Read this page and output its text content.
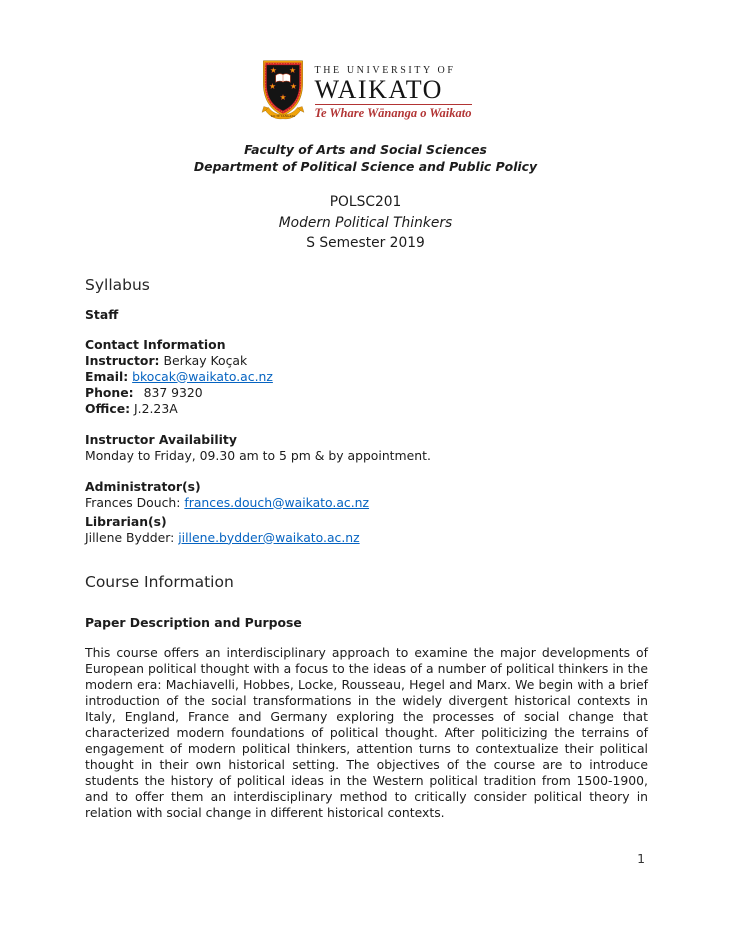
KO TE TANGATA
THE UNIVERSITY OF
WAIKATO
Te Whare Wānanga o Waikato
Faculty of Arts and Social Sciences
Department of Political Science and Public Policy
POLSC201
Modern Political Thinkers
S Semester 2019
Syllabus
Staff
Contact Information
Instructor: Berkay Koçak
Email: bkocak@waikato.ac.nz
Phone: 837 9320
Office: J.2.23A
Instructor Availability
Monday to Friday, 09.30 am to 5 pm & by appointment.
Administrator(s)
Frances Douch: frances.douch@waikato.ac.nz
Librarian(s)
Jillene Bydder: jillene.bydder@waikato.ac.nz
Course Information
Paper Description and Purpose
This course offers an interdisciplinary approach to examine the major developments of European political thought with a focus to the ideas of a number of political thinkers in the modern era: Machiavelli, Hobbes, Locke, Rousseau, Hegel and Marx. We begin with a brief introduction of the social transformations in the widely divergent historical contexts in Italy, England, France and Germany exploring the processes of social change that characterized modern foundations of political thought. After politicizing the terrains of engagement of modern political thinkers, attention turns to contextualize their political thought in their own historical setting. The objectives of the course are to introduce students the history of political ideas in the Western political tradition from 1500-1900, and to offer them an interdisciplinary method to critically consider political theory in relation with social change in different historical contexts.
1
